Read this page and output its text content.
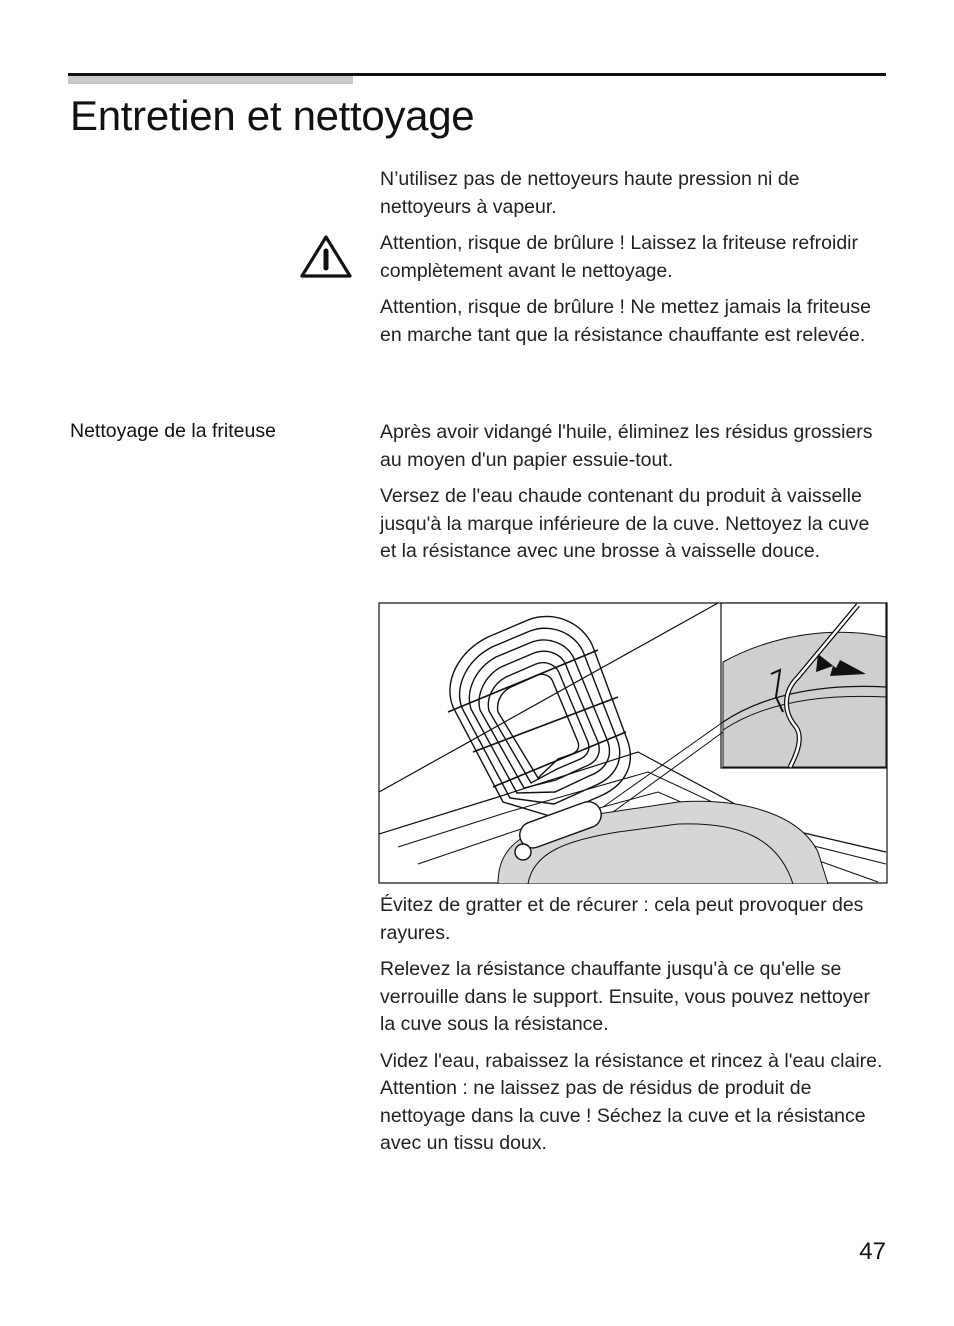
Entretien et nettoyage

N’utilisez pas de nettoyeurs haute pression ni de nettoyeurs à vapeur.

Attention, risque de brûlure ! Laissez la friteuse refroidir complètement avant le nettoyage.

Attention, risque de brûlure ! Ne mettez jamais la friteuse en marche tant que la résistance chauffante est relevée.

Nettoyage de la friteuse	Après avoir vidangé l'huile, éliminez les résidus grossiers au moyen d'un papier essuie-tout.

Versez de l'eau chaude contenant du produit à vaisselle jusqu'à la marque inférieure de la cuve. Nettoyez la cuve et la résistance avec une brosse à vaisselle douce.

Évitez de gratter et de récurer : cela peut provoquer des rayures.

Relevez la résistance chauffante jusqu'à ce qu'elle se verrouille dans le support. Ensuite, vous pouvez nettoyer la cuve sous la résistance.

Videz l'eau, rabaissez la résistance et rincez à l'eau claire. Attention : ne laissez pas de résidus de produit de nettoyage dans la cuve ! Séchez la cuve et la résistance avec un tissu doux.

47
